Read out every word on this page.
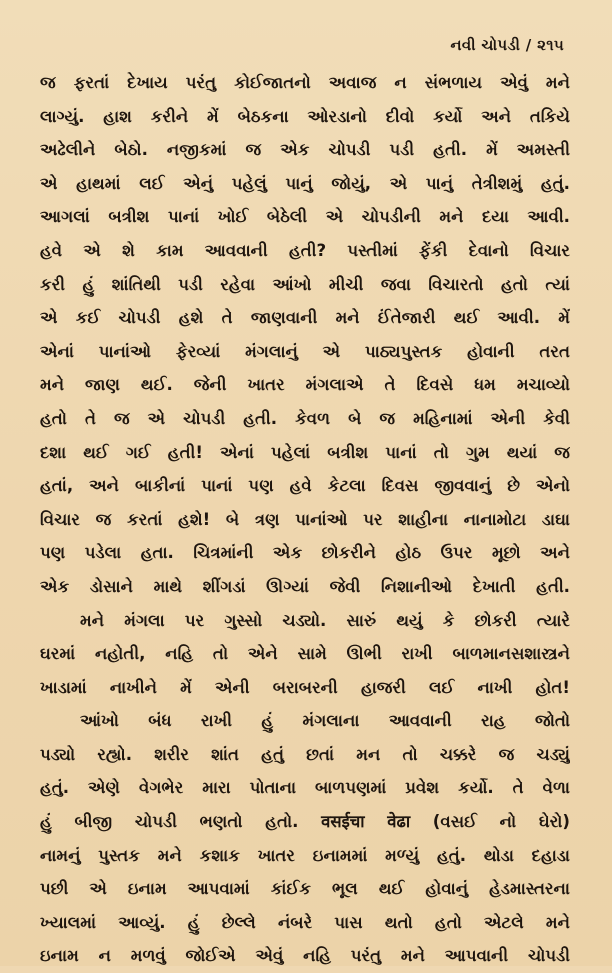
નવી ચોપડી / ૨૧૫
જ ફરતાં દેખાય પરંતુ કોઈજાતનો અવાજ ન સંભળાય એવું મને
લાગ્યું. હાશ કરીને મેં બેઠકના ઓરડાનો દીવો કર્યો અને તકિયે
અઢેલીને બેઠો. નજીકમાં જ એક ચોપડી પડી હતી. મેં અમસ્તી
એ હાથમાં લઈ એનું પહેલું પાનું જોયું, એ પાનું તેત્રીશમું હતું.
આગલાં બત્રીશ પાનાં ખોઈ બેઠેલી એ ચોપડીની મને દયા આવી.
હવે એ શે કામ આવવાની હતી? પસ્તીમાં ફેંકી દેવાનો વિચાર
કરી હું શાંતિથી પડી રહેવા આંખો મીચી જવા વિચારતો હતો ત્યાં
એ કઈ ચોપડી હશે તે જાણવાની મને ઈંતેજારી થઈ આવી. મેં
એનાં પાનાંઓ ફેરવ્યાં મંગલાનું એ પાઠ્યપુસ્તક હોવાની તરત
મને જાણ થઈ. જેની ખાતર મંગલાએ તે દિવસે ધમ મચાવ્યો
હતો તે જ એ ચોપડી હતી. કેવળ બે જ મહિનામાં એની કેવી
દશા થઈ ગઈ હતી! એનાં પહેલાં બત્રીશ પાનાં તો ગુમ થયાં જ
હતાં, અને બાકીનાં પાનાં પણ હવે કેટલા દિવસ જીવવાનું છે એનો
વિચાર જ કરતાં હશે! બે ત્રણ પાનાંઓ પર શાહીના નાનામોટા ડાઘા
પણ પડેલા હતા. ચિત્રમાંની એક છોકરીને હોઠ ઉપર મૂછો અને
એક ડોસાને માથે શીંગડાં ઊગ્યાં જેવી નિશાનીઓ દેખાતી હતી.
મને મંગલા પર ગુસ્સો ચડ્યો. સારું થયું કે છોકરી ત્યારે
ઘરમાં નહોતી, નહિ તો એને સામે ઊભી રાખી બાળમાનસશાસ્ત્રને
ખાડામાં નાખીને મેં એની બરાબરની હાજરી લઈ નાખી હોત!
આંખો બંધ રાખી હું મંગલાના આવવાની રાહ જોતો
પડ્યો રહ્યો. શરીર શાંત હતું છતાં મન તો ચક્કરે જ ચડ્યું
હતું. એણે વેગભેર મારા પોતાના બાળપણમાં પ્રવેશ કર્યો. તે વેળા
હું બીજી ચોપડી ભણતો હતો. वसईचा वेढा (વસઈ નો ઘેરો)
નામનું પુસ્તક મને કશાક ખાતર ઇનામમાં મળ્યું હતું. થોડા દહાડા
પછી એ ઇનામ આપવામાં કાંઈક ભૂલ થઈ હોવાનું હેડમાસ્તરના
ખ્યાલમાં આવ્યું. હું છેલ્લે નંબરે પાસ થતો હતો એટલે મને
ઇનામ ન મળવું જોઈએ એવું નહિ પરંતુ મને આપવાની ચોપડી
